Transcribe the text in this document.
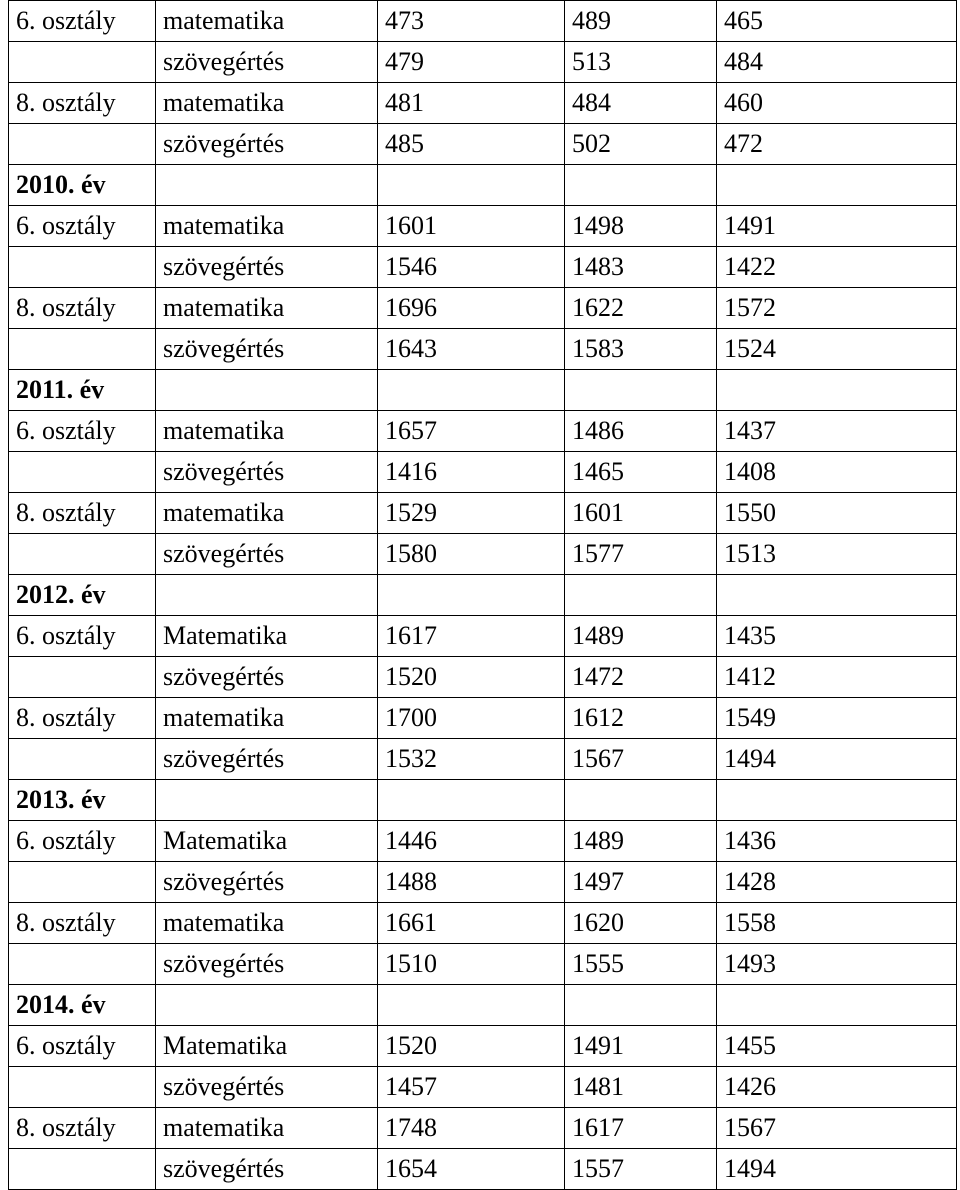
6. osztály	matematika	473	489	465
	szövegértés	479	513	484
8. osztály	matematika	481	484	460
	szövegértés	485	502	472
2010. év				
6. osztály	matematika	1601	1498	1491
	szövegértés	1546	1483	1422
8. osztály	matematika	1696	1622	1572
	szövegértés	1643	1583	1524
2011. év				
6. osztály	matematika	1657	1486	1437
	szövegértés	1416	1465	1408
8. osztály	matematika	1529	1601	1550
	szövegértés	1580	1577	1513
2012. év				
6. osztály	Matematika	1617	1489	1435
	szövegértés	1520	1472	1412
8. osztály	matematika	1700	1612	1549
	szövegértés	1532	1567	1494
2013. év				
6. osztály	Matematika	1446	1489	1436
	szövegértés	1488	1497	1428
8. osztály	matematika	1661	1620	1558
	szövegértés	1510	1555	1493
2014. év				
6. osztály	Matematika	1520	1491	1455
	szövegértés	1457	1481	1426
8. osztály	matematika	1748	1617	1567
	szövegértés	1654	1557	1494
